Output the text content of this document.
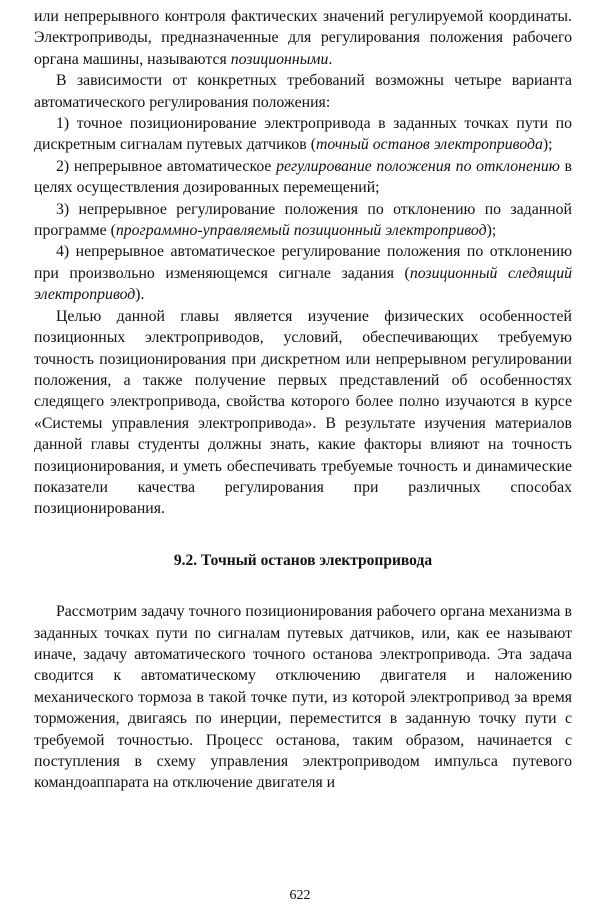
или непрерывного контроля фактических значений регулируемой координаты. Электроприводы, предназначенные для регулирования положения рабочего органа машины, называются позиционными.

В зависимости от конкретных требований возможны четыре варианта автоматического регулирования положения:

1) точное позиционирование электропривода в заданных точках пути по дискретным сигналам путевых датчиков (точный останов электропривода);

2) непрерывное автоматическое регулирование положения по отклонению в целях осуществления дозированных перемещений;

3) непрерывное регулирование положения по отклонению по заданной программе (программно-управляемый позиционный электропривод);

4) непрерывное автоматическое регулирование положения по отклонению при произвольно изменяющемся сигнале задания (позиционный следящий электропривод).

Целью данной главы является изучение физических особенностей позиционных электроприводов, условий, обеспечивающих требуемую точность позиционирования при дискретном или непрерывном регулировании положения, а также получение первых представлений об особенностях следящего электропривода, свойства которого более полно изучаются в курсе «Системы управления электропривода». В результате изучения материалов данной главы студенты должны знать, какие факторы влияют на точность позиционирования, и уметь обеспечивать требуемые точность и динамические показатели качества регулирования при различных способах позиционирования.

9.2. Точный останов электропривода

Рассмотрим задачу точного позиционирования рабочего органа механизма в заданных точках пути по сигналам путевых датчиков, или, как ее называют иначе, задачу автоматического точного останова электропривода. Эта задача сводится к автоматическому отключению двигателя и наложению механического тормоза в такой точке пути, из которой электропривод за время торможения, двигаясь по инерции, переместится в заданную точку пути с требуемой точностью. Процесс останова, таким образом, начинается с поступления в схему управления электроприводом импульса путевого командоаппарата на отключение двигателя и

622
